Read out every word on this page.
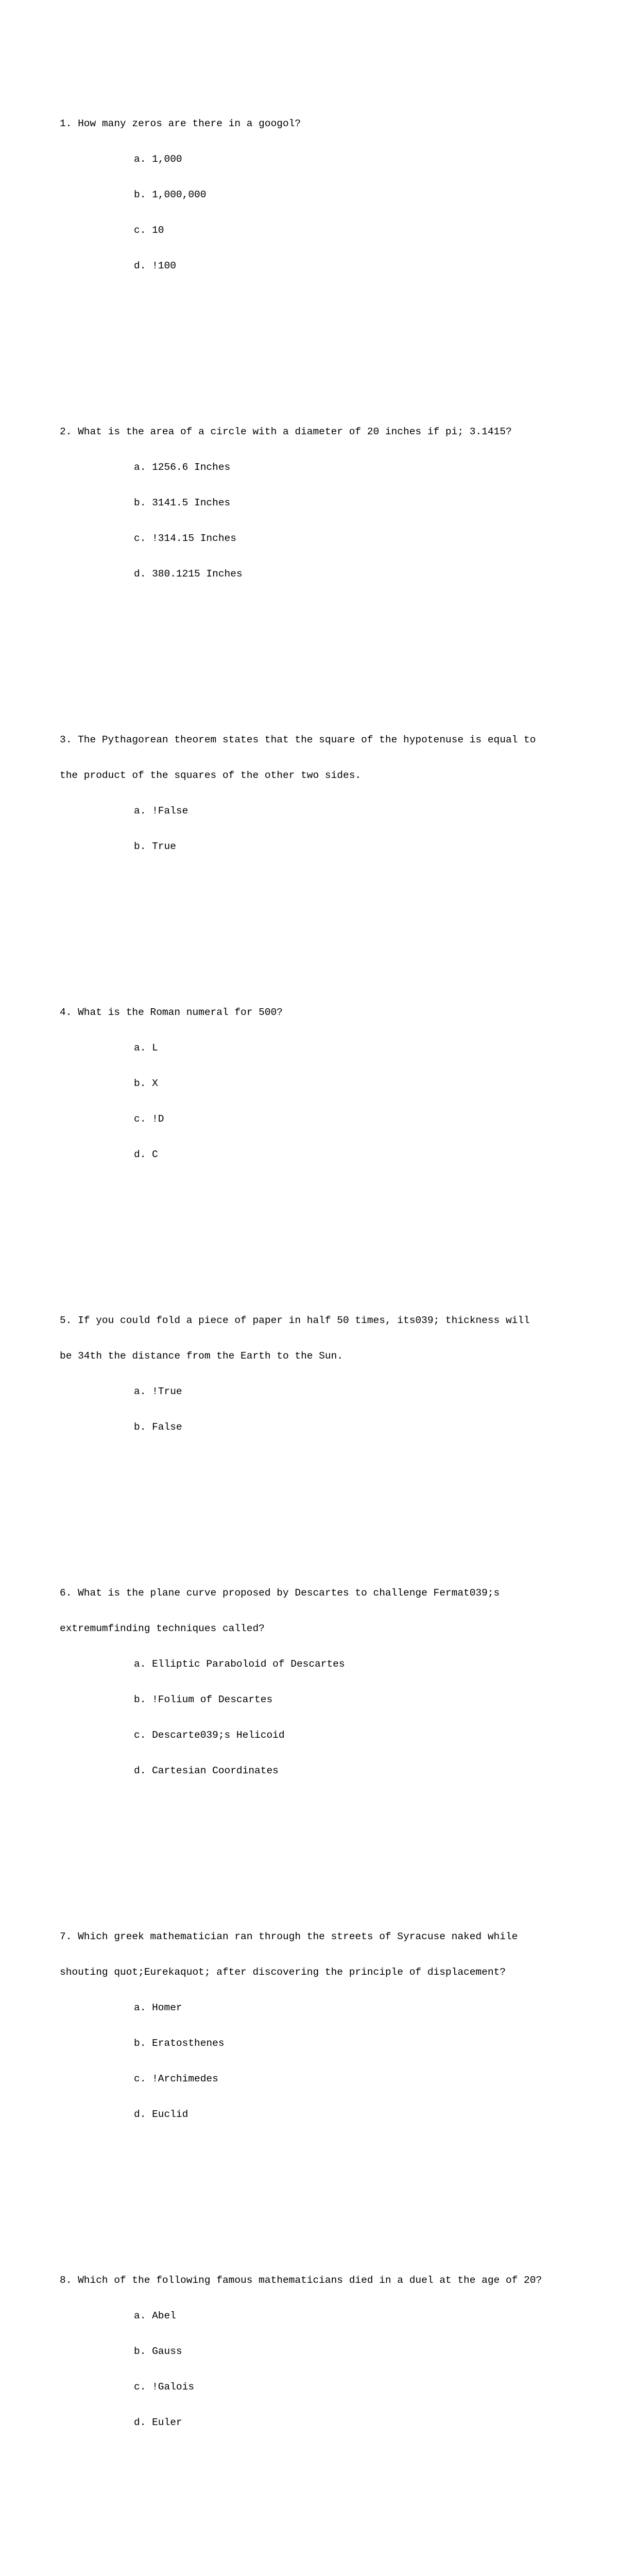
1. How many zeros are there in a googol?

a. 1,000

b. 1,000,000

c. 10

d. !100

2. What is the area of a circle with a diameter of 20 inches if pi; 3.1415?

a. 1256.6 Inches

b. 3141.5 Inches

c. !314.15 Inches

d. 380.1215 Inches

3. The Pythagorean theorem states that the square of the hypotenuse is equal to

the product of the squares of the other two sides.

a. !False

b. True

4. What is the Roman numeral for 500?

a. L

b. X

c. !D

d. C

5. If you could fold a piece of paper in half 50 times, its039; thickness will

be 34th the distance from the Earth to the Sun.

a. !True

b. False

6. What is the plane curve proposed by Descartes to challenge Fermat039;s

extremumfinding techniques called?

a. Elliptic Paraboloid of Descartes

b. !Folium of Descartes

c. Descarte039;s Helicoid

d. Cartesian Coordinates

7. Which greek mathematician ran through the streets of Syracuse naked while

shouting quot;Eurekaquot; after discovering the principle of displacement?

a. Homer

b. Eratosthenes

c. !Archimedes

d. Euclid

8. Which of the following famous mathematicians died in a duel at the age of 20?

a. Abel

b. Gauss

c. !Galois

d. Euler
